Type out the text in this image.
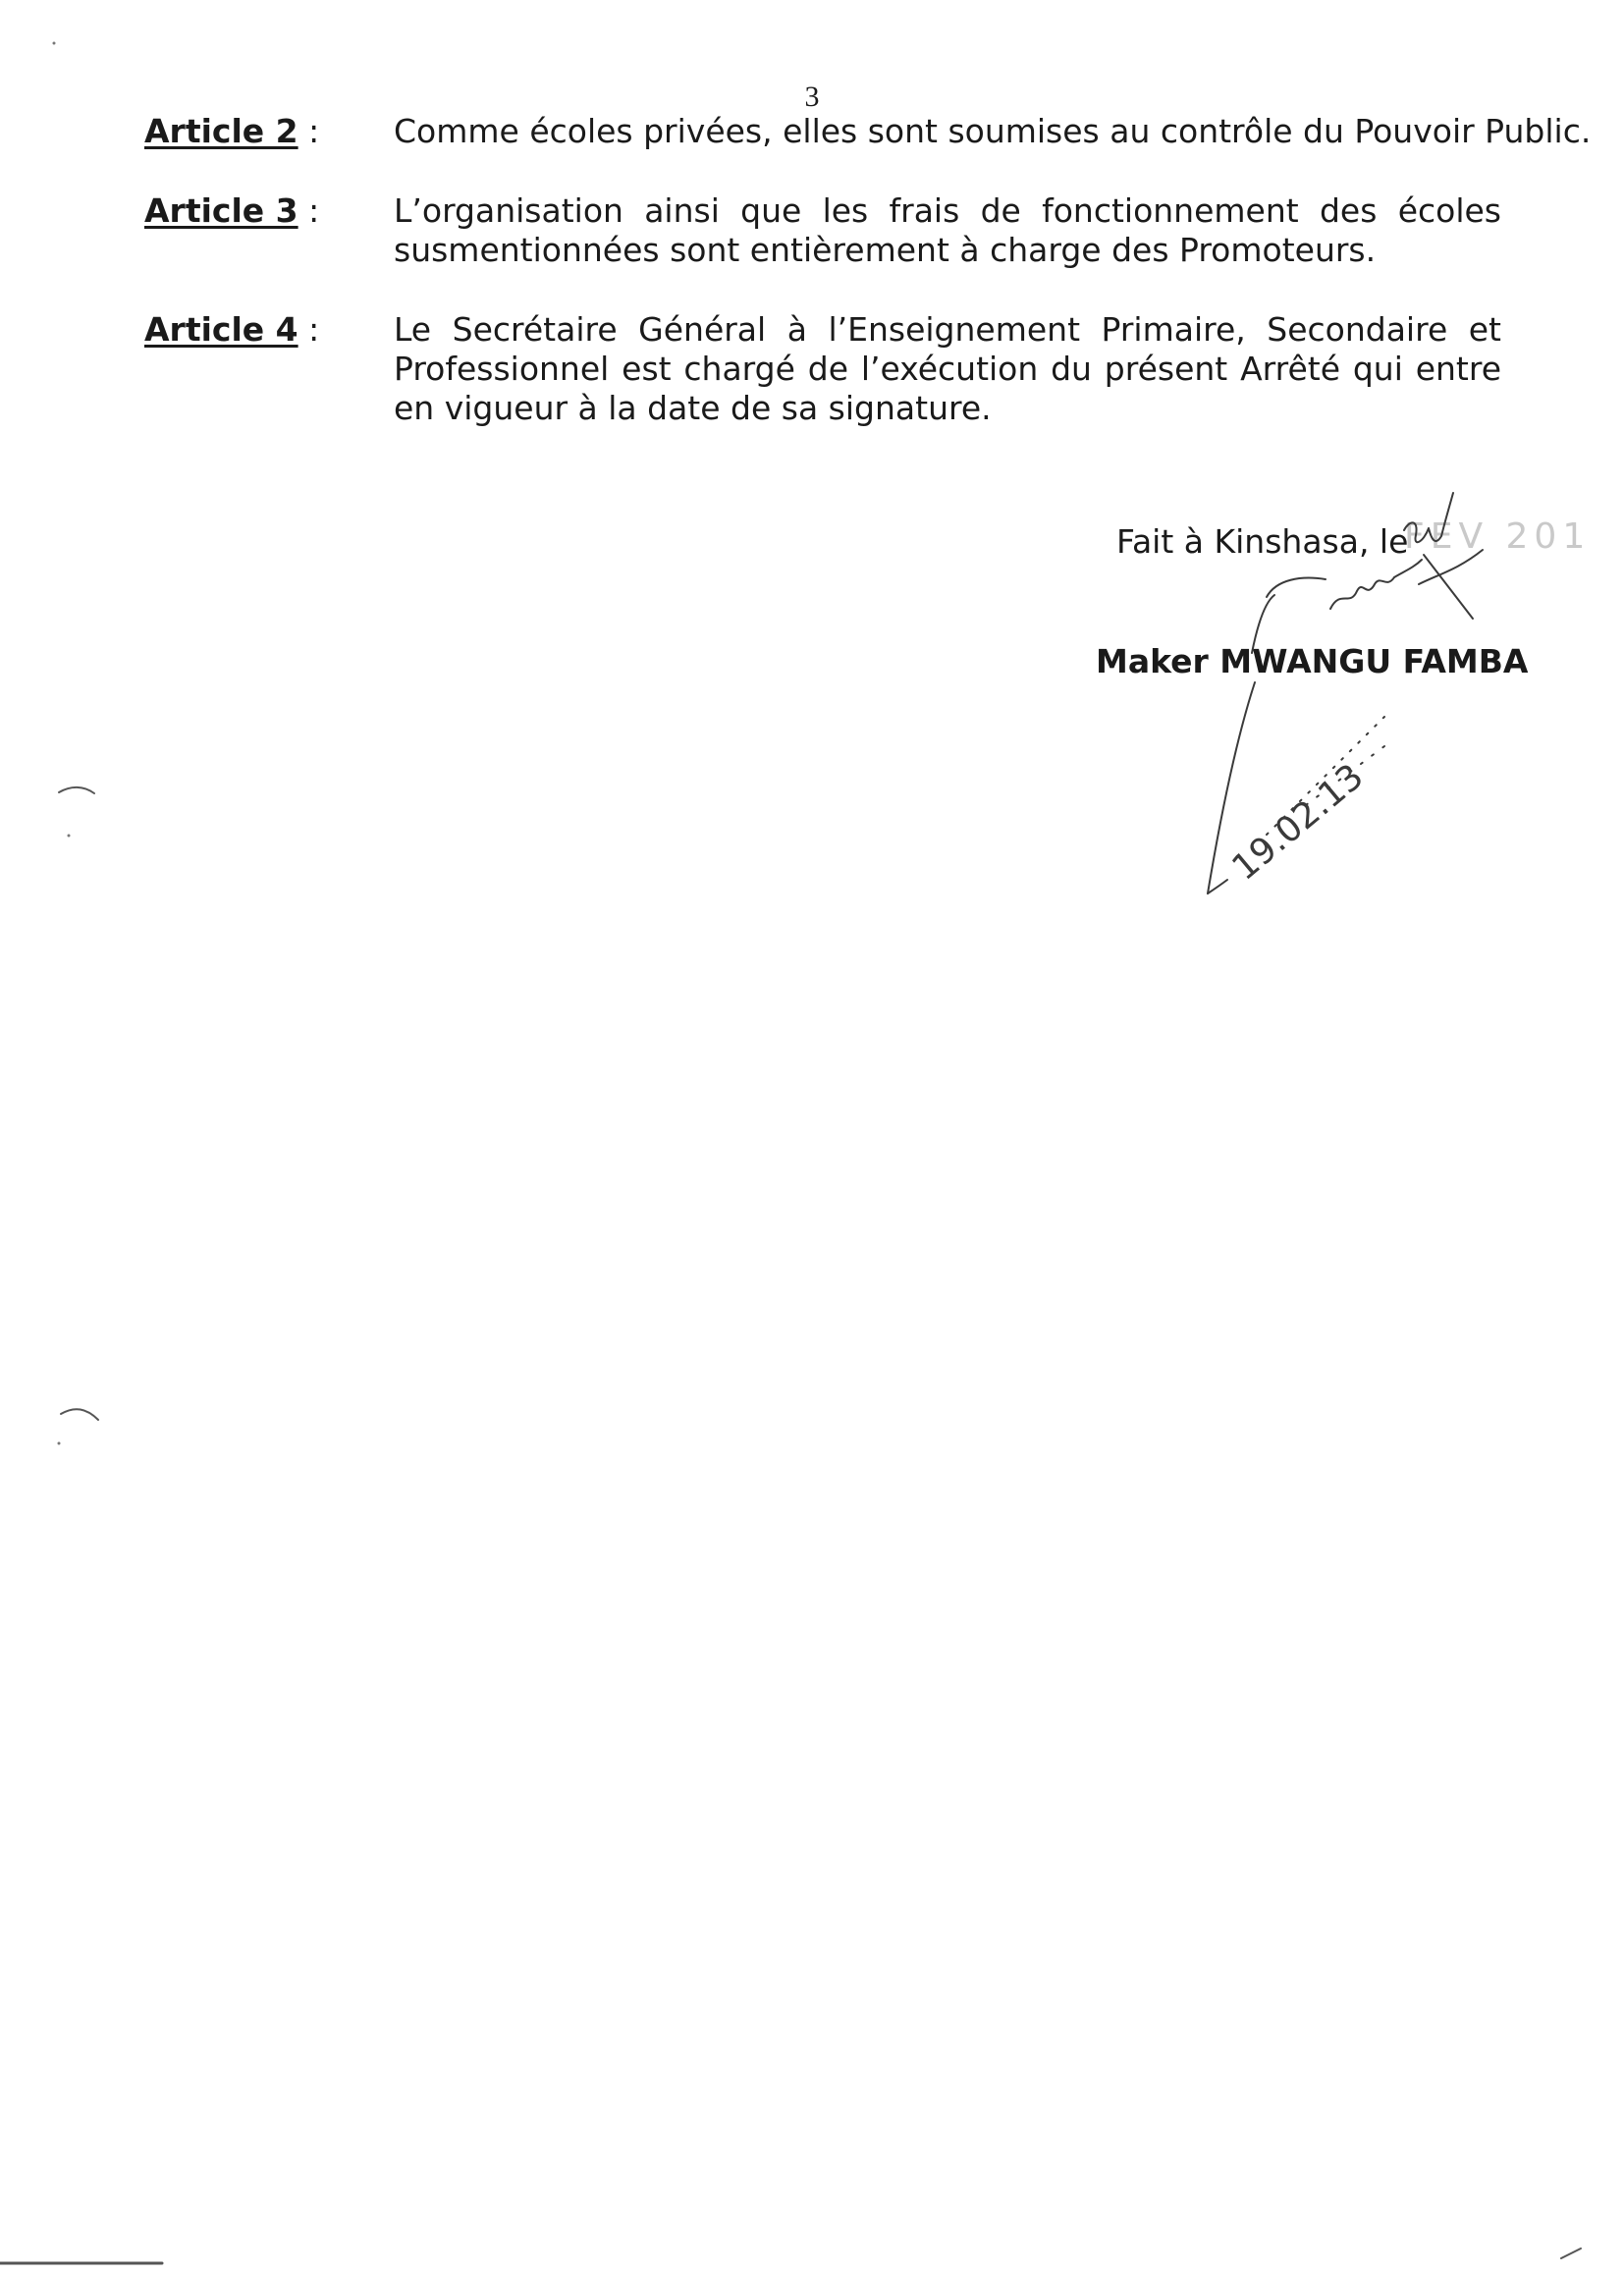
3
Article 2 : Comme écoles privées, elles sont soumises au contrôle du Pouvoir Public.
Article 3 : L’organisation ainsi que les frais de fonctionnement des écoles susmentionnées sont entièrement à charge des Promoteurs.
Article 4 : Le Secrétaire Général à l’Enseignement Primaire, Secondaire et Professionnel est chargé de l’exécution du présent Arrêté qui entre en vigueur à la date de sa signature.
Fait à Kinshasa, le
FEV 201
Maker MWANGU FAMBA
19.02.13
